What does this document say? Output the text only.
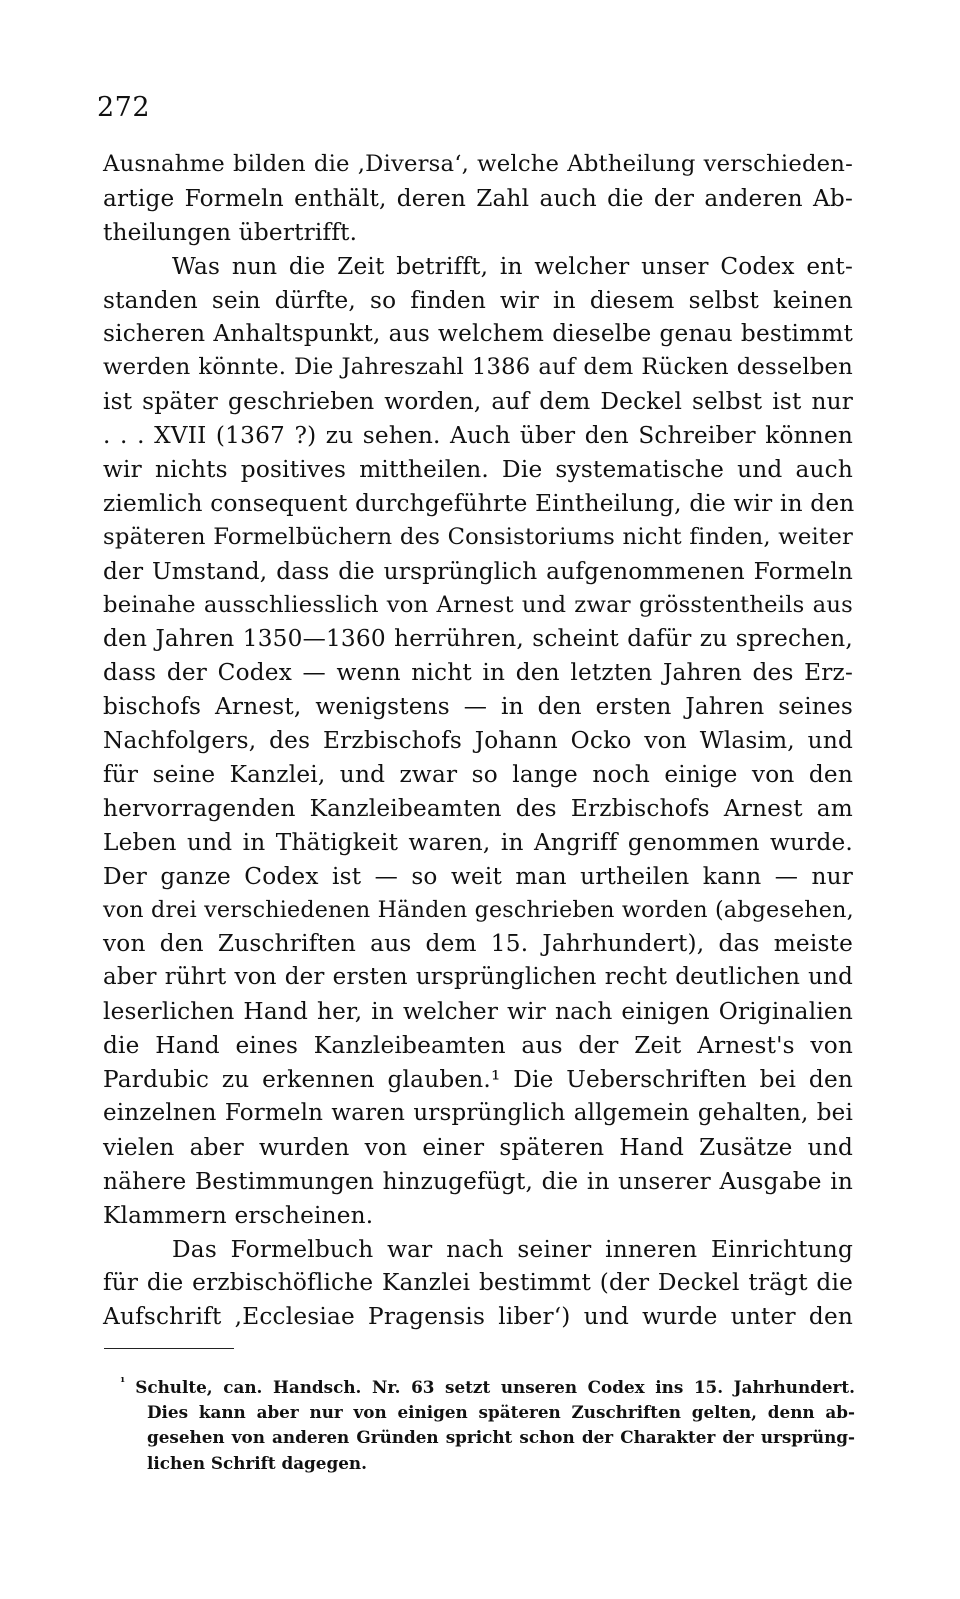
272
Ausnahme bilden die ,Diversa‘, welche Abtheilung verschieden-
artige Formeln enthält, deren Zahl auch die der anderen Ab-
theilungen übertrifft.
Was nun die Zeit betrifft, in welcher unser Codex ent-
standen sein dürfte, so finden wir in diesem selbst keinen
sicheren Anhaltspunkt, aus welchem dieselbe genau bestimmt
werden könnte. Die Jahreszahl 1386 auf dem Rücken desselben
ist später geschrieben worden, auf dem Deckel selbst ist nur
. . . XVII (1367 ?) zu sehen. Auch über den Schreiber können
wir nichts positives mittheilen. Die systematische und auch
ziemlich consequent durchgeführte Eintheilung, die wir in den
späteren Formelbüchern des Consistoriums nicht finden, weiter
der Umstand, dass die ursprünglich aufgenommenen Formeln
beinahe ausschliesslich von Arnest und zwar grösstentheils aus
den Jahren 1350—1360 herrühren, scheint dafür zu sprechen,
dass der Codex — wenn nicht in den letzten Jahren des Erz-
bischofs Arnest, wenigstens — in den ersten Jahren seines
Nachfolgers, des Erzbischofs Johann Ocko von Wlasim, und
für seine Kanzlei, und zwar so lange noch einige von den
hervorragenden Kanzleibeamten des Erzbischofs Arnest am
Leben und in Thätigkeit waren, in Angriff genommen wurde.
Der ganze Codex ist — so weit man urtheilen kann — nur
von drei verschiedenen Händen geschrieben worden (abgesehen,
von den Zuschriften aus dem 15. Jahrhundert), das meiste
aber rührt von der ersten ursprünglichen recht deutlichen und
leserlichen Hand her, in welcher wir nach einigen Originalien
die Hand eines Kanzleibeamten aus der Zeit Arnest's von
Pardubic zu erkennen glauben.¹ Die Ueberschriften bei den
einzelnen Formeln waren ursprünglich allgemein gehalten, bei
vielen aber wurden von einer späteren Hand Zusätze und
nähere Bestimmungen hinzugefügt, die in unserer Ausgabe in
Klammern erscheinen.
Das Formelbuch war nach seiner inneren Einrichtung
für die erzbischöfliche Kanzlei bestimmt (der Deckel trägt die
Aufschrift ,Ecclesiae Pragensis liber‘) und wurde unter den
$^{^1}$ Schulte, can. Handsch. Nr. 63 setzt unseren Codex ins 15. Jahrhundert.
Dies kann aber nur von einigen späteren Zuschriften gelten, denn ab-
gesehen von anderen Gründen spricht schon der Charakter der ursprüng-
lichen Schrift dagegen.
